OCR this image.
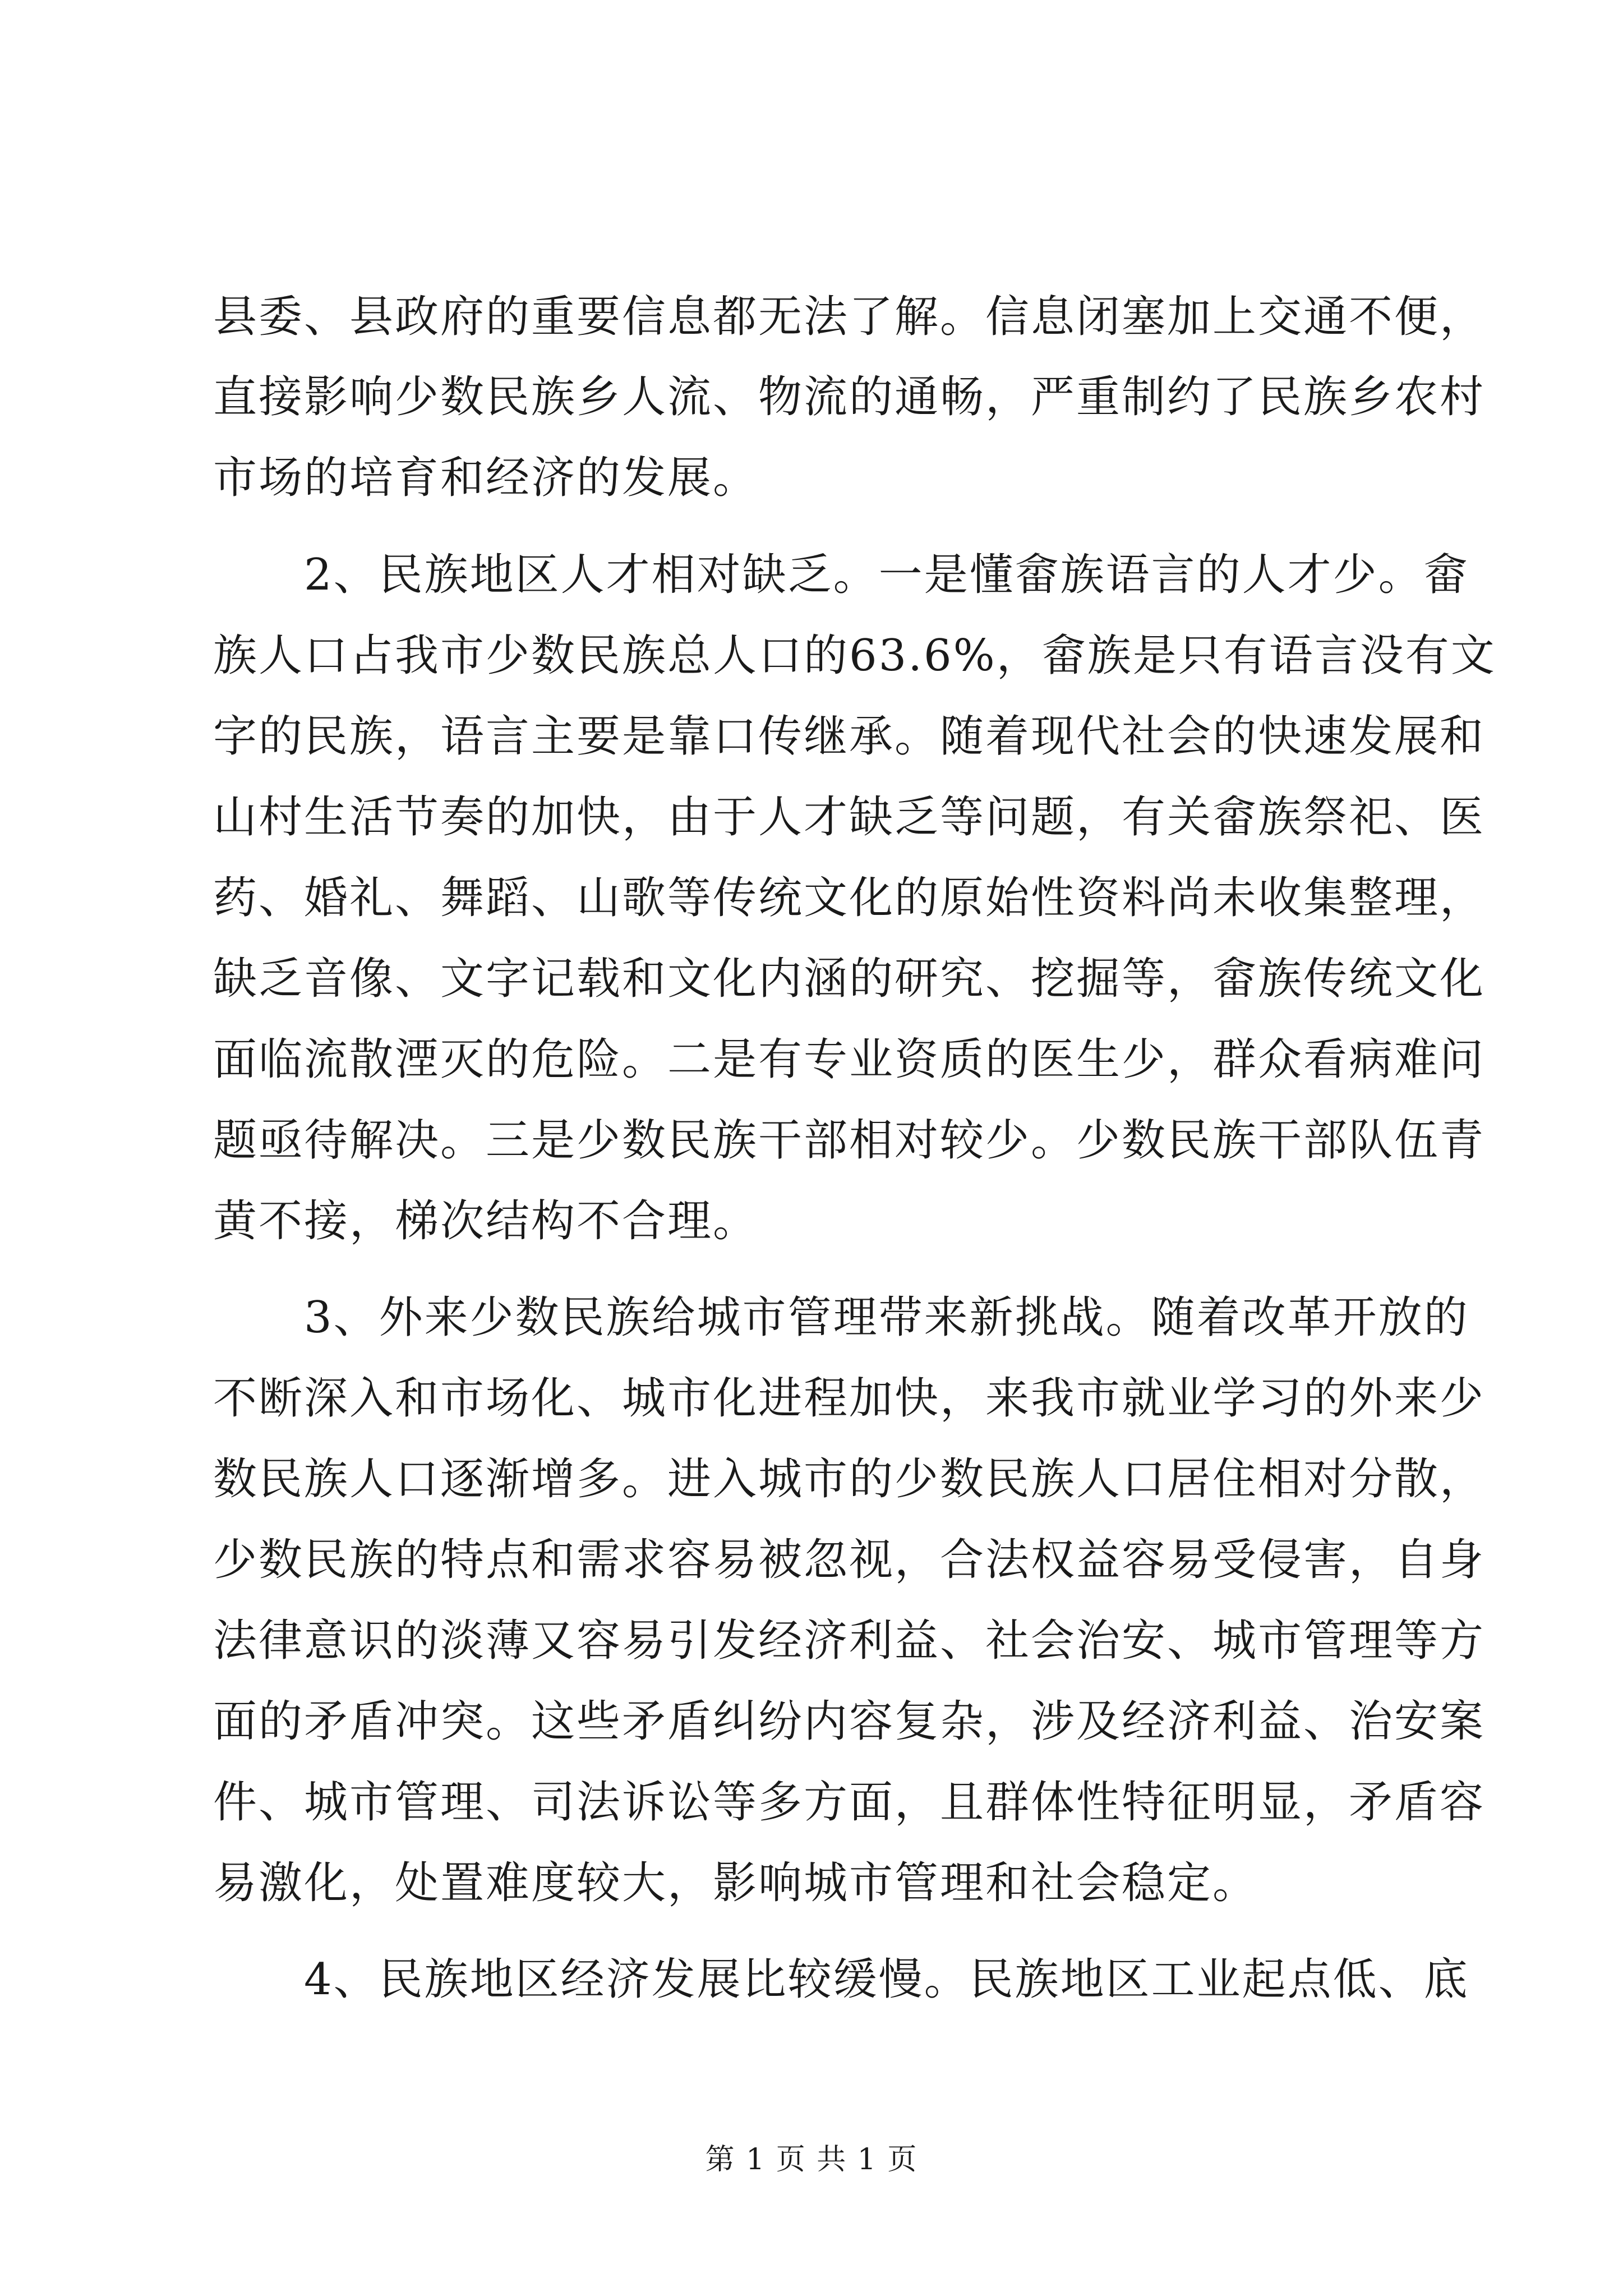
县委、县政府的重要信息都无法了解。信息闭塞加上交通不便，
直接影响少数民族乡人流、物流的通畅，严重制约了民族乡农村
市场的培育和经济的发展。
2、民族地区人才相对缺乏。一是懂畲族语言的人才少。畲
族人口占我市少数民族总人口的63.6%，畲族是只有语言没有文
字的民族，语言主要是靠口传继承。随着现代社会的快速发展和
山村生活节奏的加快，由于人才缺乏等问题，有关畲族祭祀、医
药、婚礼、舞蹈、山歌等传统文化的原始性资料尚未收集整理，
缺乏音像、文字记载和文化内涵的研究、挖掘等，畲族传统文化
面临流散湮灭的危险。二是有专业资质的医生少，群众看病难问
题亟待解决。三是少数民族干部相对较少。少数民族干部队伍青
黄不接，梯次结构不合理。
3、外来少数民族给城市管理带来新挑战。随着改革开放的
不断深入和市场化、城市化进程加快，来我市就业学习的外来少
数民族人口逐渐增多。进入城市的少数民族人口居住相对分散，
少数民族的特点和需求容易被忽视，合法权益容易受侵害，自身
法律意识的淡薄又容易引发经济利益、社会治安、城市管理等方
面的矛盾冲突。这些矛盾纠纷内容复杂，涉及经济利益、治安案
件、城市管理、司法诉讼等多方面，且群体性特征明显，矛盾容
易激化，处置难度较大，影响城市管理和社会稳定。
4、民族地区经济发展比较缓慢。民族地区工业起点低、底
第 1 页 共 1 页
